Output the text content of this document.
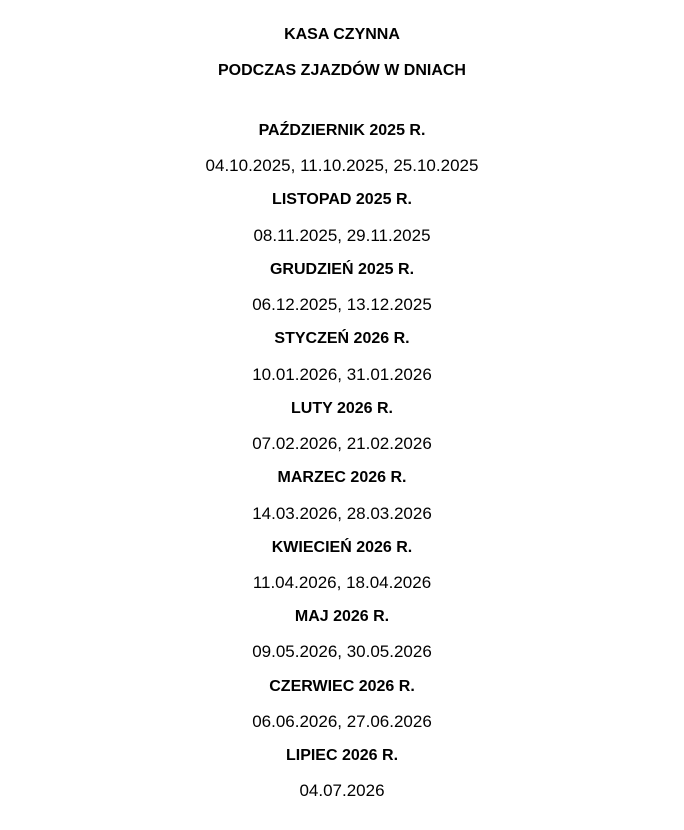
KASA CZYNNA
PODCZAS ZJAZDÓW W DNIACH
PAŹDZIERNIK 2025 R.
04.10.2025, 11.10.2025, 25.10.2025
LISTOPAD 2025 R.
08.11.2025, 29.11.2025
GRUDZIEŃ 2025 R.
06.12.2025, 13.12.2025
STYCZEŃ 2026 R.
10.01.2026, 31.01.2026
LUTY 2026 R.
07.02.2026, 21.02.2026
MARZEC 2026 R.
14.03.2026, 28.03.2026
KWIECIEŃ 2026 R.
11.04.2026, 18.04.2026
MAJ 2026 R.
09.05.2026, 30.05.2026
CZERWIEC 2026 R.
06.06.2026, 27.06.2026
LIPIEC 2026 R.
04.07.2026
